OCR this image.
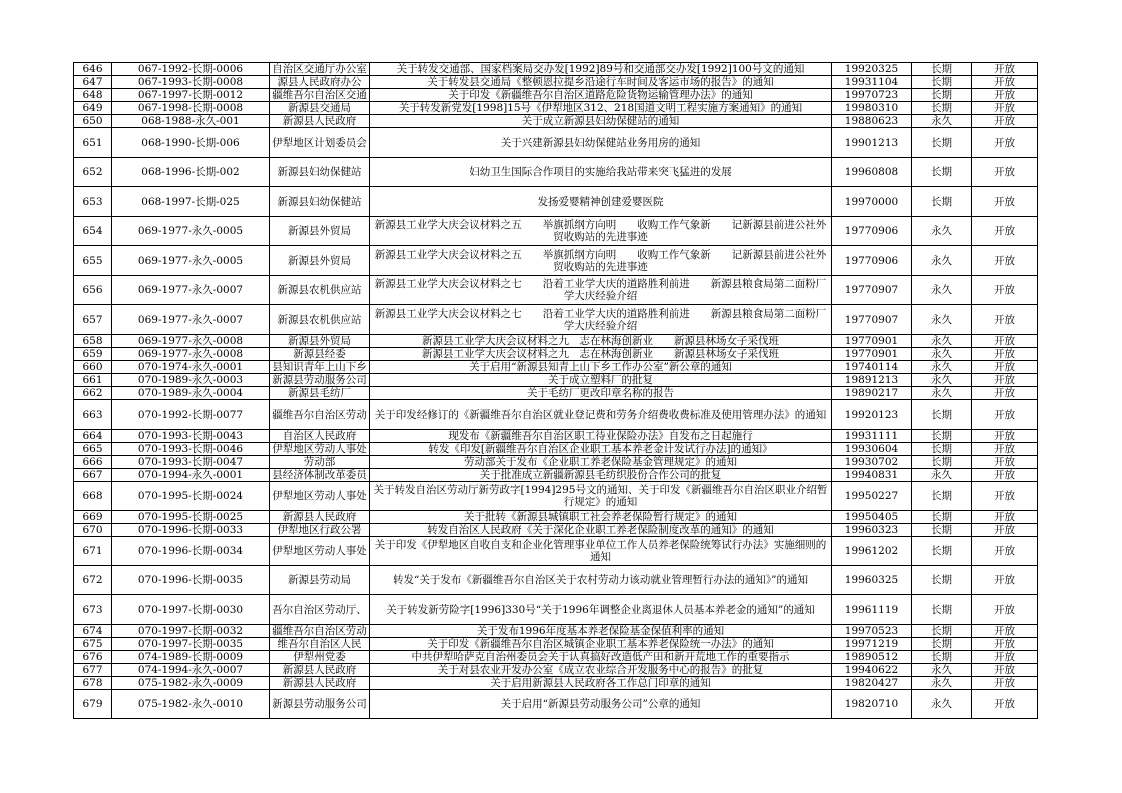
646	067-1992-长期-0006	自治区交通厅办公室	关于转发交通部、国家档案局交办发[1992]89号和交通部交办发[1992]100号文的通知	19920325	长期	开放
647	067-1993-长期-0008	源县人民政府办公	关于转发县交通局《整顿恩拉提乡沿途行车时间及客运市场的报告》的通知	19931104	长期	开放
648	067-1997-长期-0012	疆维吾尔自治区交通	关于印发《新疆维吾尔自治区道路危险货物运输管理办法》的通知	19970723	长期	开放
649	067-1998-长期-0008	新源县交通局	关于转发新党发[1998]15号《伊犁地区312、218国道文明工程实施方案通知》的通知	19980310	长期	开放
650	068-1988-永久-001	新源县人民政府	关于成立新源县妇幼保健站的通知	19880623	永久	开放
651	068-1990-长期-006	伊犁地区计划委员会	关于兴建新源县妇幼保健站业务用房的通知	19901213	长期	开放
652	068-1996-长期-002	新源县妇幼保健站	妇幼卫生国际合作项目的实施给我站带来突飞猛进的发展	19960808	长期	开放
653	068-1997-长期-025	新源县妇幼保健站	发扬爱婴精神创建爱婴医院	19970000	长期	开放
654	069-1977-永久-0005	新源县外贸局	新源县工业学大庆会议材料之五　　举旗抓纲方向明　　收购工作气象新　　记新源县前进公社外贸收购站的先进事迹	19770906	永久	开放
655	069-1977-永久-0005	新源县外贸局	新源县工业学大庆会议材料之五　　举旗抓纲方向明　　收购工作气象新　　记新源县前进公社外贸收购站的先进事迹	19770906	永久	开放
656	069-1977-永久-0007	新源县农机供应站	新源县工业学大庆会议材料之七　　沿着工业学大庆的道路胜利前进　　新源县粮食局第二面粉厂学大庆经验介绍	19770907	永久	开放
657	069-1977-永久-0007	新源县农机供应站	新源县工业学大庆会议材料之七　　沿着工业学大庆的道路胜利前进　　新源县粮食局第二面粉厂学大庆经验介绍	19770907	永久	开放
658	069-1977-永久-0008	新源县外贸局	新源县工业学大庆会议材料之九　志在林海创新业　　新源县林场女子采伐班	19770901	永久	开放
659	069-1977-永久-0008	新源县经委	新源县工业学大庆会议材料之九　志在林海创新业　　新源县林场女子采伐班	19770901	永久	开放
660	070-1974-永久-0001	县知识青年上山下乡	关于启用“新源县知青上山下乡工作办公室”新公章的通知	19740114	永久	开放
661	070-1989-永久-0003	新源县劳动服务公司	关于成立塑料厂的批复	19891213	永久	开放
662	070-1989-永久-0004	新源县毛纺厂	关于毛纺厂更改印章名称的报告	19890217	永久	开放
663	070-1992-长期-0077	疆维吾尔自治区劳动	关于印发经修订的《新疆维吾尔自治区就业登记费和劳务介绍费收费标准及使用管理办法》的通知	19920123	长期	开放
664	070-1993-长期-0043	自治区人民政府	现发布《新疆维吾尔自治区职工待业保险办法》自发布之日起施行	19931111	长期	开放
665	070-1993-长期-0046	伊犁地区劳动人事处	转发《印发[新疆维吾尔自治区企业职工基本养老金计发试行办法]的通知》	19930604	长期	开放
666	070-1993-长期-0047	劳动部	劳动部关于发布《企业职工养老保险基金管理规定》的通知	19930702	长期	开放
667	070-1994-永久-0001	县经济体制改革委员	关于批准成立新疆新源县毛纺织股份合作公司的批复	19940831	永久	开放
668	070-1995-长期-0024	伊犁地区劳动人事处	关于转发自治区劳动厅新劳政字[1994]295号文的通知、关于印发《新疆维吾尔自治区职业介绍暂行规定》的通知	19950227	长期	开放
669	070-1995-长期-0025	新源县人民政府	关于批转《新源县城镇职工社会养老保险暂行规定》的通知	19950405	长期	开放
670	070-1996-长期-0033	伊犁地区行政公署	转发自治区人民政府《关于深化企业职工养老保险制度改革的通知》的通知	19960323	长期	开放
671	070-1996-长期-0034	伊犁地区劳动人事处	关于印发《伊犁地区自收自支和企业化管理事业单位工作人员养老保险统筹试行办法》实施细则的通知	19961202	长期	开放
672	070-1996-长期-0035	新源县劳动局	转发“关于发布《新疆维吾尔自治区关于农村劳动力该动就业管理暂行办法的通知》”的通知	19960325	长期	开放
673	070-1997-长期-0030	吾尔自治区劳动厅、	关于转发新劳险字[1996]330号“关于1996年调整企业离退休人员基本养老金的通知”的通知	19961119	长期	开放
674	070-1997-长期-0032	疆维吾尔自治区劳动	关于发布1996年度基本养老保险基金保值利率的通知	19970523	长期	开放
675	070-1997-长期-0035	维吾尔自治区人民	关于印发《新疆维吾尔自治区城镇企业职工基本养老保险统一办法》的通知	19971219	长期	开放
676	074-1989-长期-0009	伊犁州党委	中共伊犁哈萨克自治州委员会关于认真搞好改造低产田和新开荒地工作的重要指示	19890512	长期	开放
677	074-1994-永久-0007	新源县人民政府	关于对县农业开发办公室《成立农业综合开发服务中心的报告》的批复	19940622	永久	开放
678	075-1982-永久-0009	新源县人民政府	关于启用新源县人民政府各工作总门印章的通知	19820427	永久	开放
679	075-1982-永久-0010	新源县劳动服务公司	关于启用“新源县劳动服务公司”公章的通知	19820710	永久	开放
